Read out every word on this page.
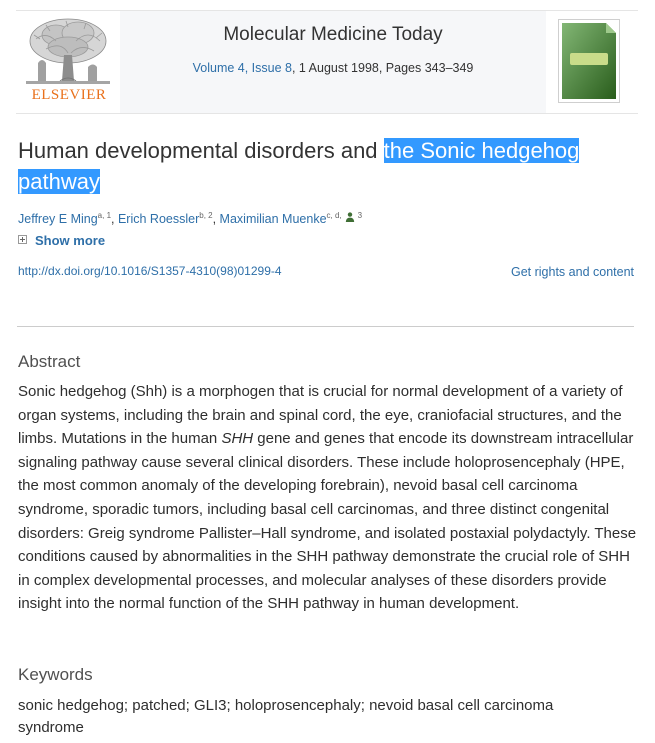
ELSEVIER
Molecular Medicine Today
Volume 4, Issue 8, 1 August 1998, Pages 343–349
Human developmental disorders and the Sonic hedgehog
pathway
Jeffrey E Ming$^{a, 1}$, Erich Roessler$^{b, 2}$, Maximilian Muenke$^{c, d,}$ $^3$
Show more
http://dx.doi.org/10.1016/S1357-4310(98)01299-4	Get rights and content
Abstract

Sonic hedgehog (Shh) is a morphogen that is crucial for normal development of a variety of organ systems, including the brain and spinal cord, the eye, craniofacial structures, and the limbs. Mutations in the human SHH gene and genes that encode its downstream intracellular signaling pathway cause several clinical disorders. These include holoprosencephaly (HPE, the most common anomaly of the developing forebrain), nevoid basal cell carcinoma syndrome, sporadic tumors, including basal cell carcinomas, and three distinct congenital disorders: Greig syndrome Pallister–Hall syndrome, and isolated postaxial polydactyly. These conditions caused by abnormalities in the SHH pathway demonstrate the crucial role of SHH in complex developmental processes, and molecular analyses of these disorders provide insight into the normal function of the SHH pathway in human development.

Keywords

sonic hedgehog; patched; GLI3; holoprosencephaly; nevoid basal cell carcinoma syndrome
